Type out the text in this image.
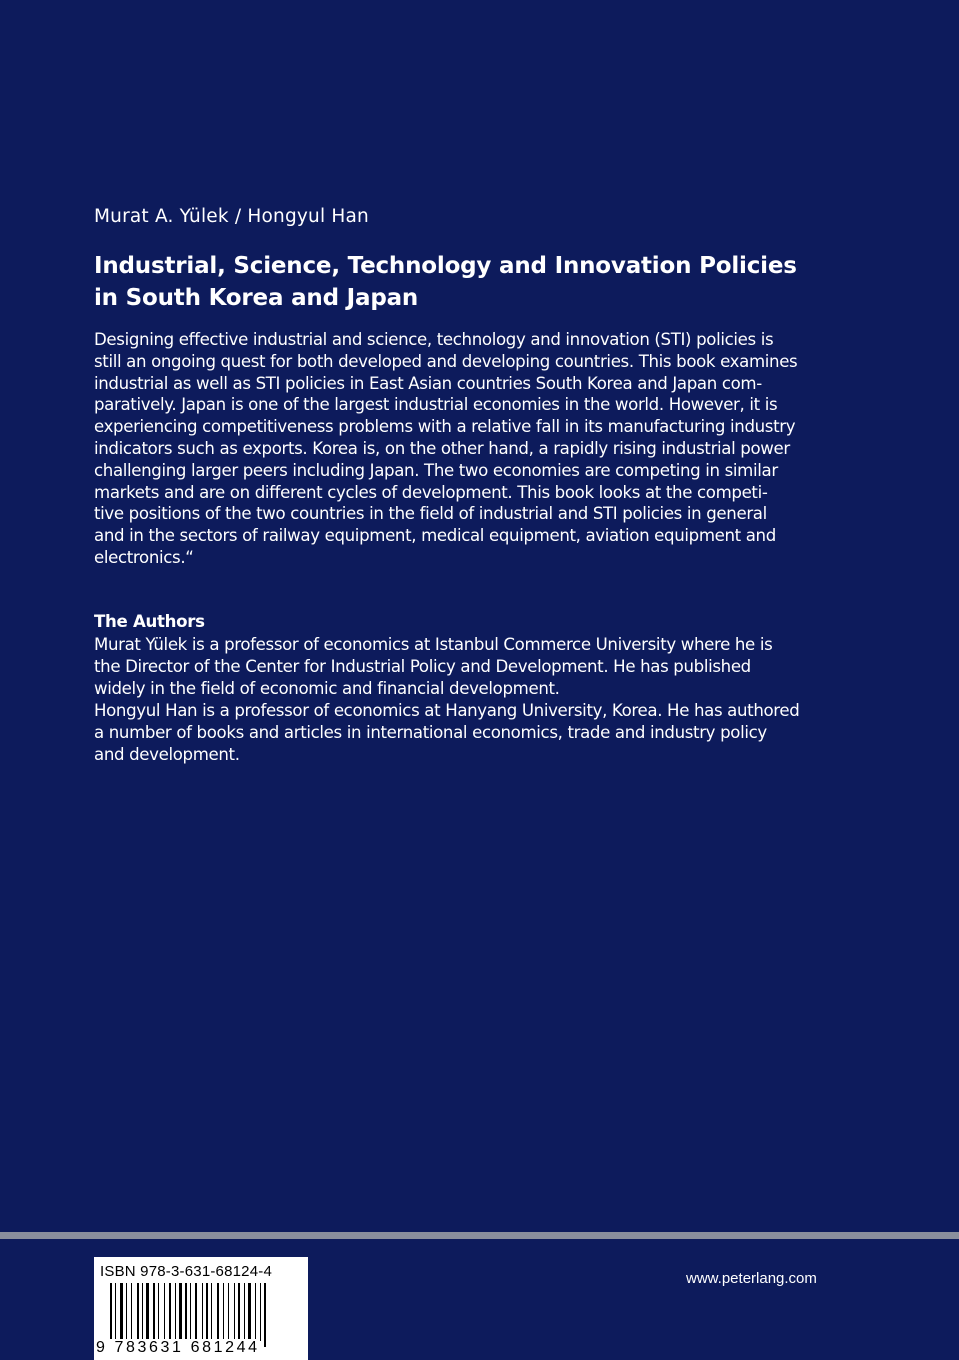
Murat A. Yülek / Hongyul Han
Industrial, Science, Technology and Innovation Policies
in South Korea and Japan
Designing effective industrial and science, technology and innovation (STI) policies is
still an ongoing quest for both developed and developing countries. This book examines
industrial as well as STI policies in East Asian countries South Korea and Japan com-
paratively. Japan is one of the largest industrial economies in the world. However, it is
experiencing competitiveness problems with a relative fall in its manufacturing industry
indicators such as exports. Korea is, on the other hand, a rapidly rising industrial power
challenging larger peers including Japan. The two economies are competing in similar
markets and are on different cycles of development. This book looks at the competi-
tive positions of the two countries in the field of industrial and STI policies in general
and in the sectors of railway equipment, medical equipment, aviation equipment and
electronics.“
The Authors
Murat Yülek is a professor of economics at Istanbul Commerce University where he is
the Director of the Center for Industrial Policy and Development. He has published
widely in the field of economic and financial development.
Hongyul Han is a professor of economics at Hanyang University, Korea. He has authored
a number of books and articles in international economics, trade and industry policy
and development.
ISBN 978-3-631-68124-4
9 783631 681244
www.peterlang.com
